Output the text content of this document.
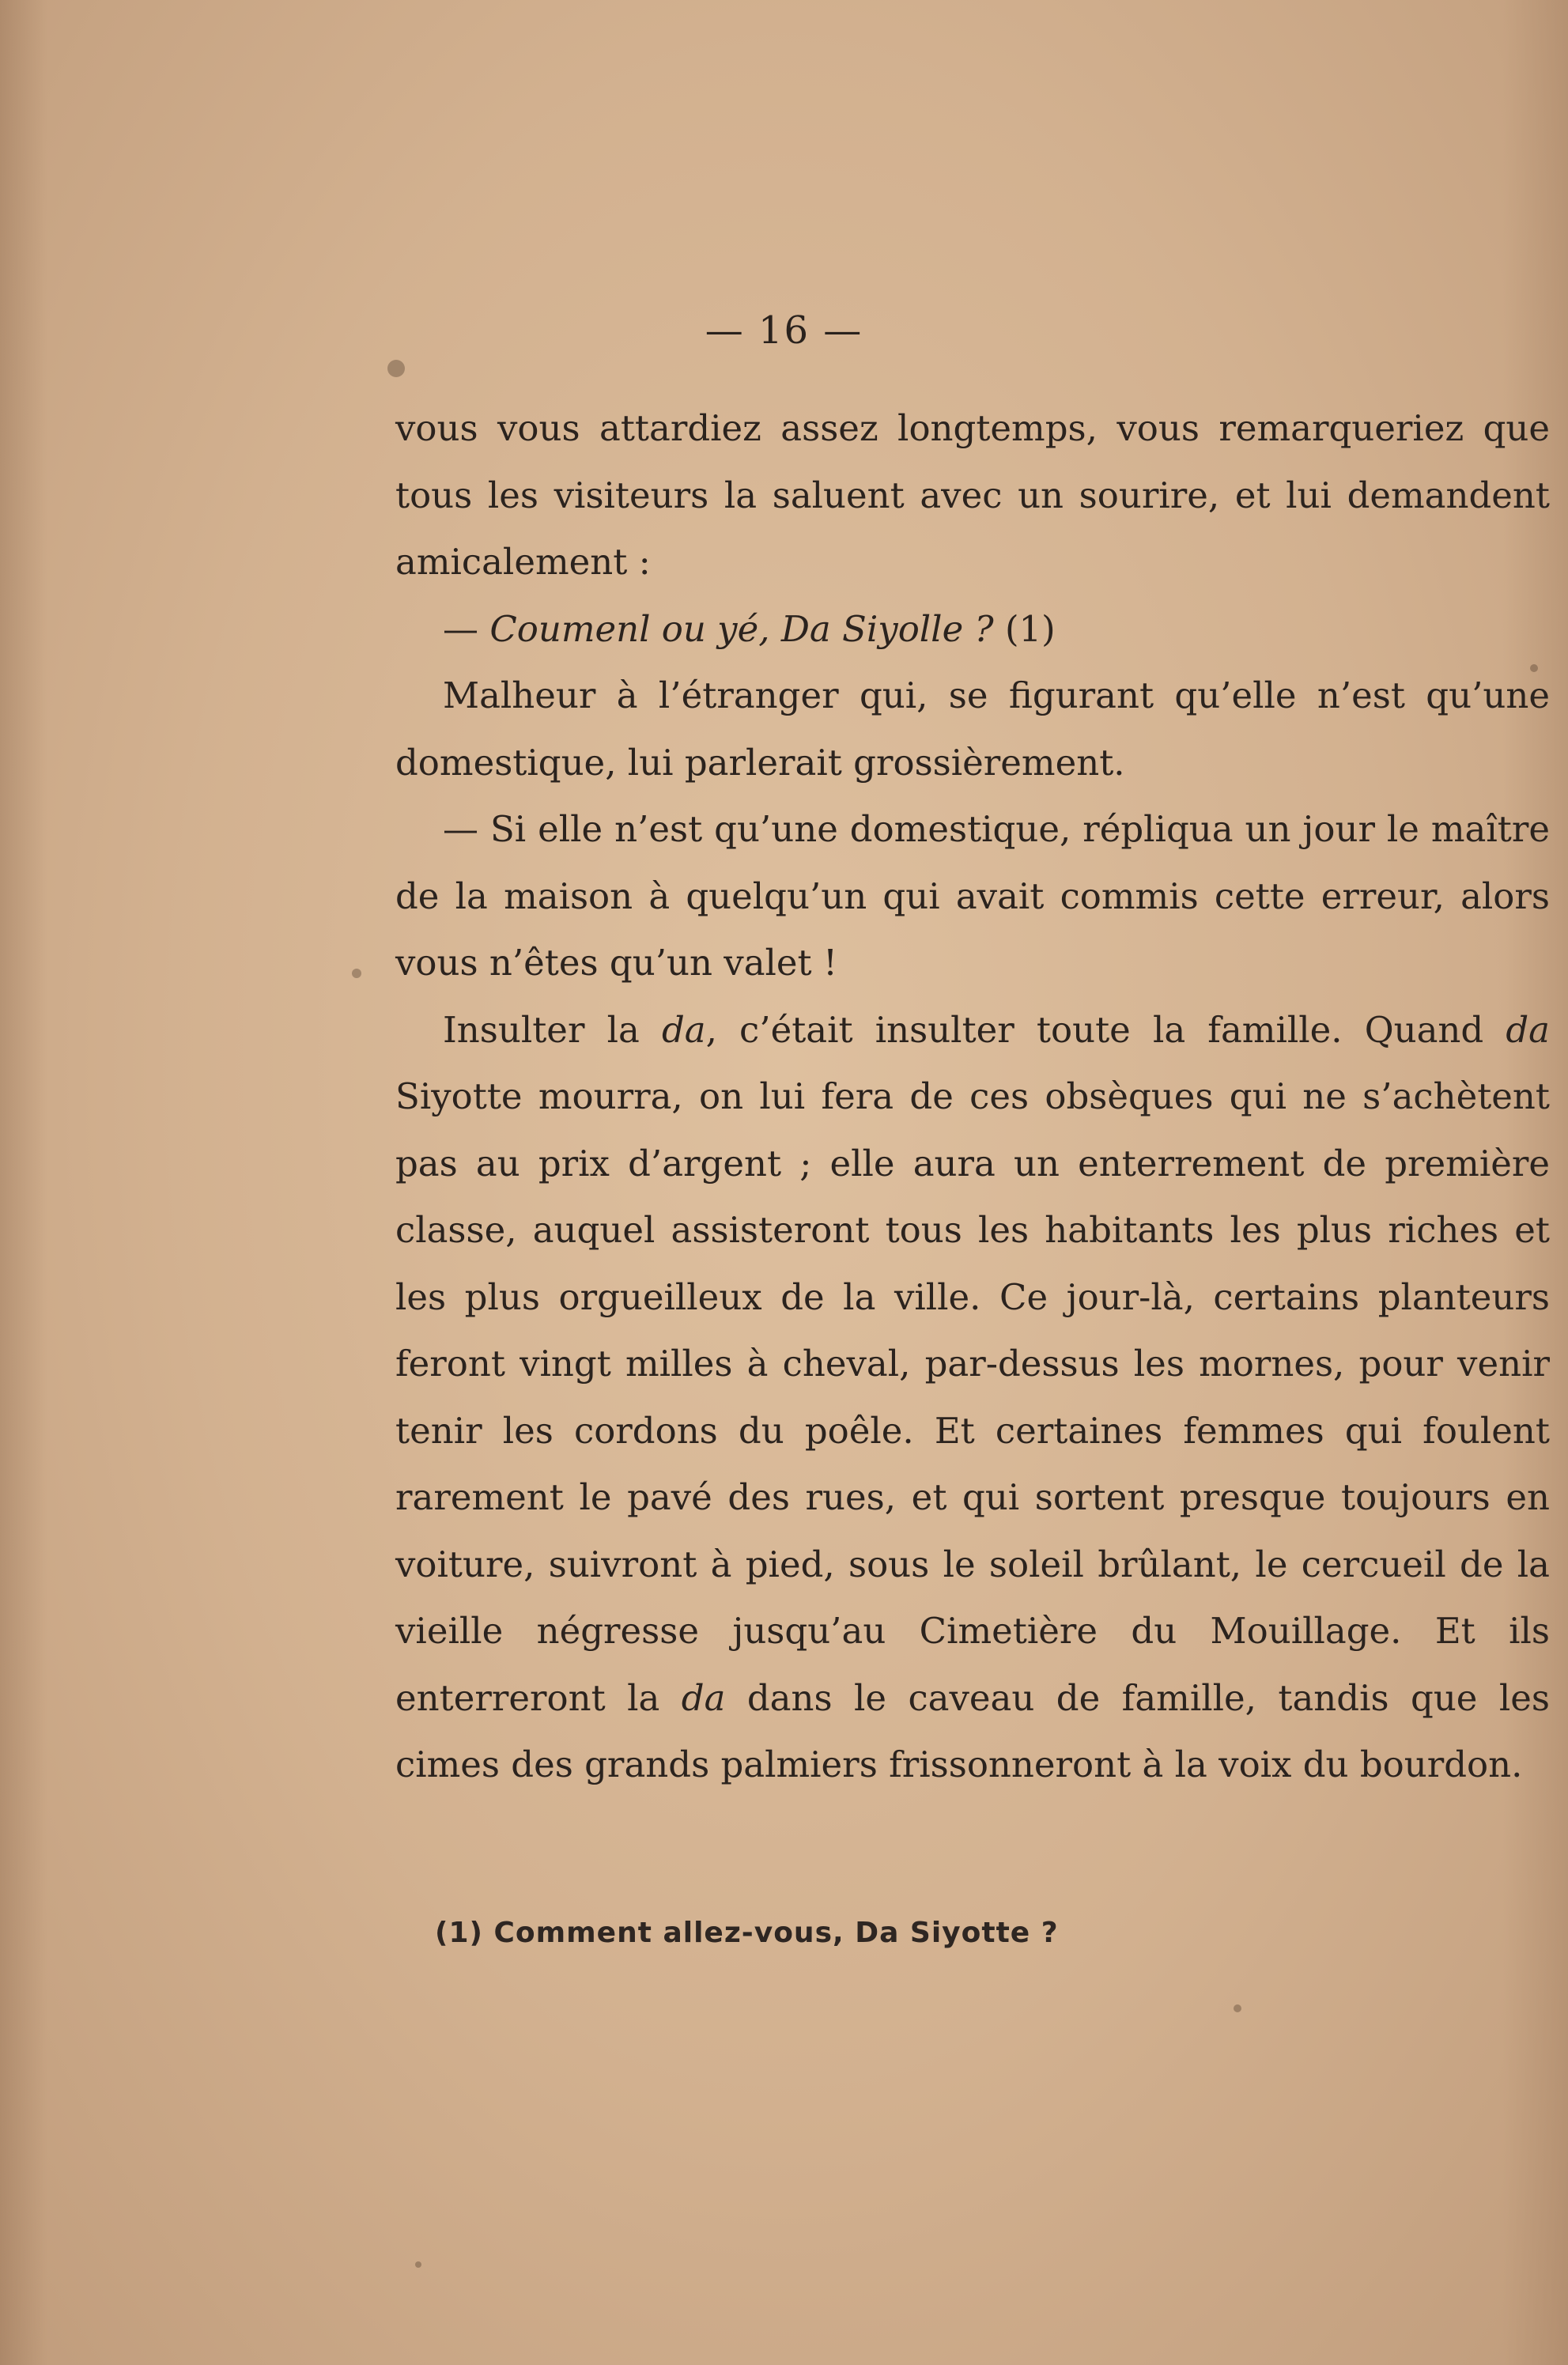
— 16 —

vous vous attardiez assez longtemps, vous remarqueriez que tous les visiteurs la saluent avec un sourire, et lui demandent amicalement :

— Coumenl ou yé, Da Siyolle ? (1)

Malheur à l’étranger qui, se figurant qu’elle n’est qu’une domestique, lui parlerait grossièrement.

— Si elle n’est qu’une domestique, répliqua un jour le maître de la maison à quelqu’un qui avait commis cette erreur, alors vous n’êtes qu’un valet !

Insulter la da, c’était insulter toute la famille. Quand da Siyotte mourra, on lui fera de ces obsèques qui ne s’achètent pas au prix d’argent ; elle aura un enterrement de première classe, auquel assisteront tous les habitants les plus riches et les plus orgueilleux de la ville. Ce jour-là, certains planteurs feront vingt milles à cheval, par-dessus les mornes, pour venir tenir les cordons du poêle. Et certaines femmes qui foulent rarement le pavé des rues, et qui sortent presque toujours en voiture, suivront à pied, sous le soleil brûlant, le cercueil de la vieille négresse jusqu’au Cimetière du Mouillage. Et ils enterreront la da dans le caveau de famille, tandis que les cimes des grands palmiers frissonneront à la voix du bourdon.

(1) Comment allez-vous, Da Siyotte ?
